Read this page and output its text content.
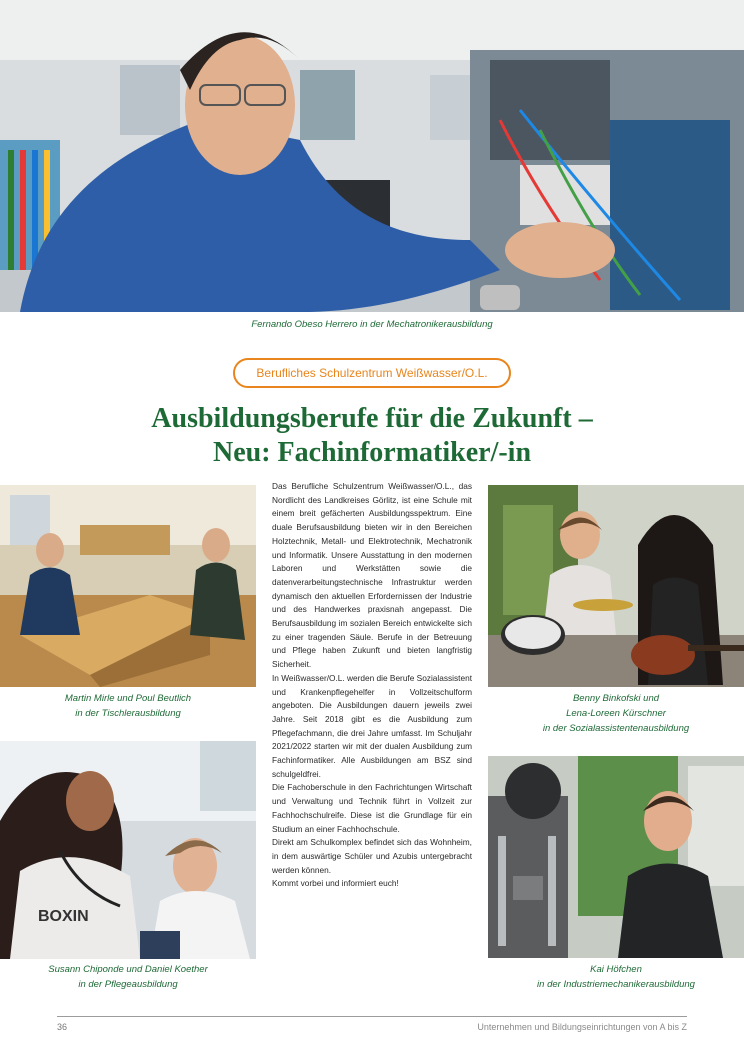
Fernando Obeso Herrero in der Mechatronikerausbildung
Berufliches Schulzentrum Weißwasser/O.L.
Ausbildungsberufe für die Zukunft –
Neu: Fachinformatiker/-in
Martin Mirle und Poul Beutlich
in der Tischlerausbildung
BOXIN
Susann Chiponde und Daniel Koether
in der Pflegeausbildung
Benny Binkofski und
Lena-Loreen Kürschner
in der Sozialassistentenausbildung
Kai Höfchen
in der Industriemechanikerausbildung

Das Berufliche Schulzentrum Weißwasser/O.L., das Nordlicht des Landkreises Görlitz, ist eine Schule mit einem breit gefächerten Ausbildungsspektrum. Eine duale Berufsausbildung bieten wir in den Bereichen Holztechnik, Metall- und Elektrotechnik, Mechatronik und Informatik. Unsere Ausstattung in den modernen Laboren und Werkstätten sowie die datenverarbeitungstechnische Infrastruktur werden dynamisch den aktuellen Erfordernissen der Industrie und des Handwerkes praxisnah angepasst. Die Berufsausbildung im sozialen Bereich entwickelte sich zu einer tragenden Säule. Berufe in der Betreuung und Pflege haben Zukunft und bieten langfristig Sicherheit.

In Weißwasser/O.L. werden die Berufe Sozialassistent und Krankenpflegehelfer in Vollzeitschulform angeboten. Die Ausbildungen dauern jeweils zwei Jahre. Seit 2018 gibt es die Ausbildung zum Pflegefachmann, die drei Jahre umfasst. Im Schuljahr 2021/2022 starten wir mit der dualen Ausbildung zum Fachinformatiker. Alle Ausbildungen am BSZ sind schulgeldfrei.

Die Fachoberschule in den Fachrichtungen Wirtschaft und Verwaltung und Technik führt in Vollzeit zur Fachhochschulreife. Diese ist die Grundlage für ein Studium an einer Fachhochschule.

Direkt am Schulkomplex befindet sich das Wohnheim, in dem auswärtige Schüler und Azubis untergebracht werden können.

Kommt vorbei und informiert euch!

36	Unternehmen und Bildungseinrichtungen von A bis Z
